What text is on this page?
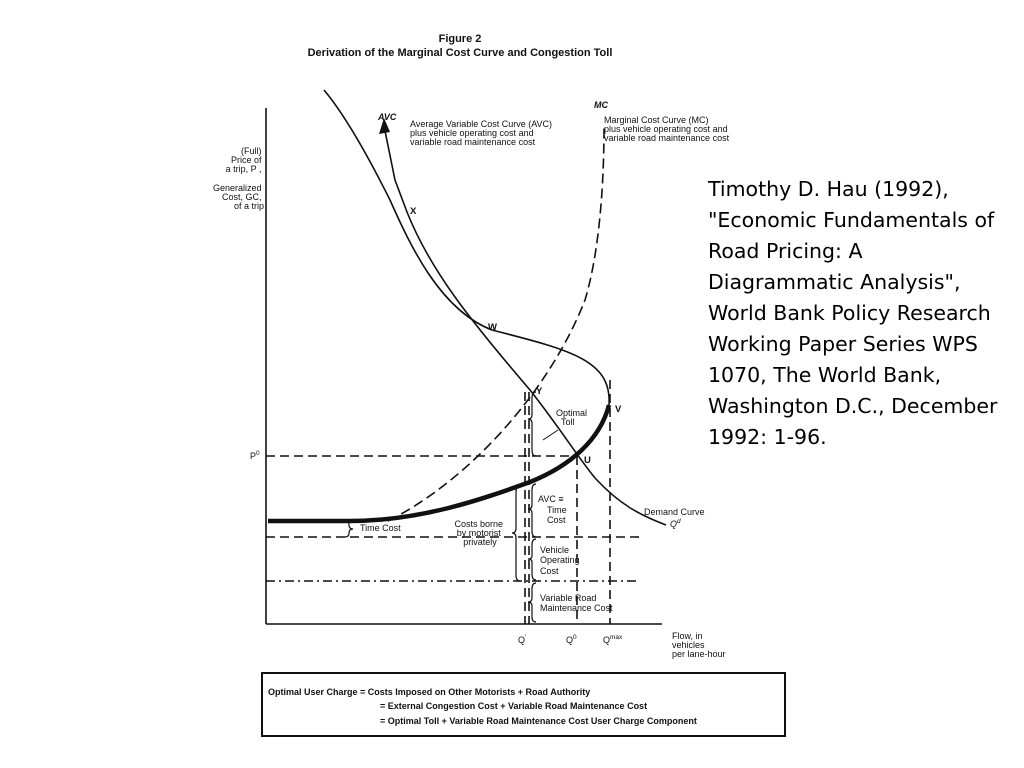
Figure 2
Derivation of the Marginal Cost Curve and Congestion Toll
(Full) Price of a trip, P , Generalized Cost, GC, of a trip
AVC
MC
Average Variable Cost Curve (AVC) plus vehicle operating cost and variable road maintenance cost
Marginal Cost Curve (MC) plus vehicle operating cost and variable road maintenance cost
X
W
Y
V
U
$P^0$
Demand Curve
$Q^d$
Optimal Toll
Time Cost	Costs borne by motorist privately
AVC ≡ Time Cost
Vehicle Operating Cost
Variable Road Maintenance Cost
Q′	$Q^0$	$Q^{max}$	Flow, in vehicles per lane-hour
Optimal User Charge = Costs Imposed on Other Motorists + Road Authority = External Congestion Cost + Variable Road Maintenance Cost = Optimal Toll + Variable Road Maintenance Cost User Charge Component
Timothy D. Hau (1992), "Economic Fundamentals of Road Pricing: A Diagrammatic Analysis", World Bank Policy Research Working Paper Series WPS 1070, The World Bank, Washington D.C., December 1992: 1-96.
